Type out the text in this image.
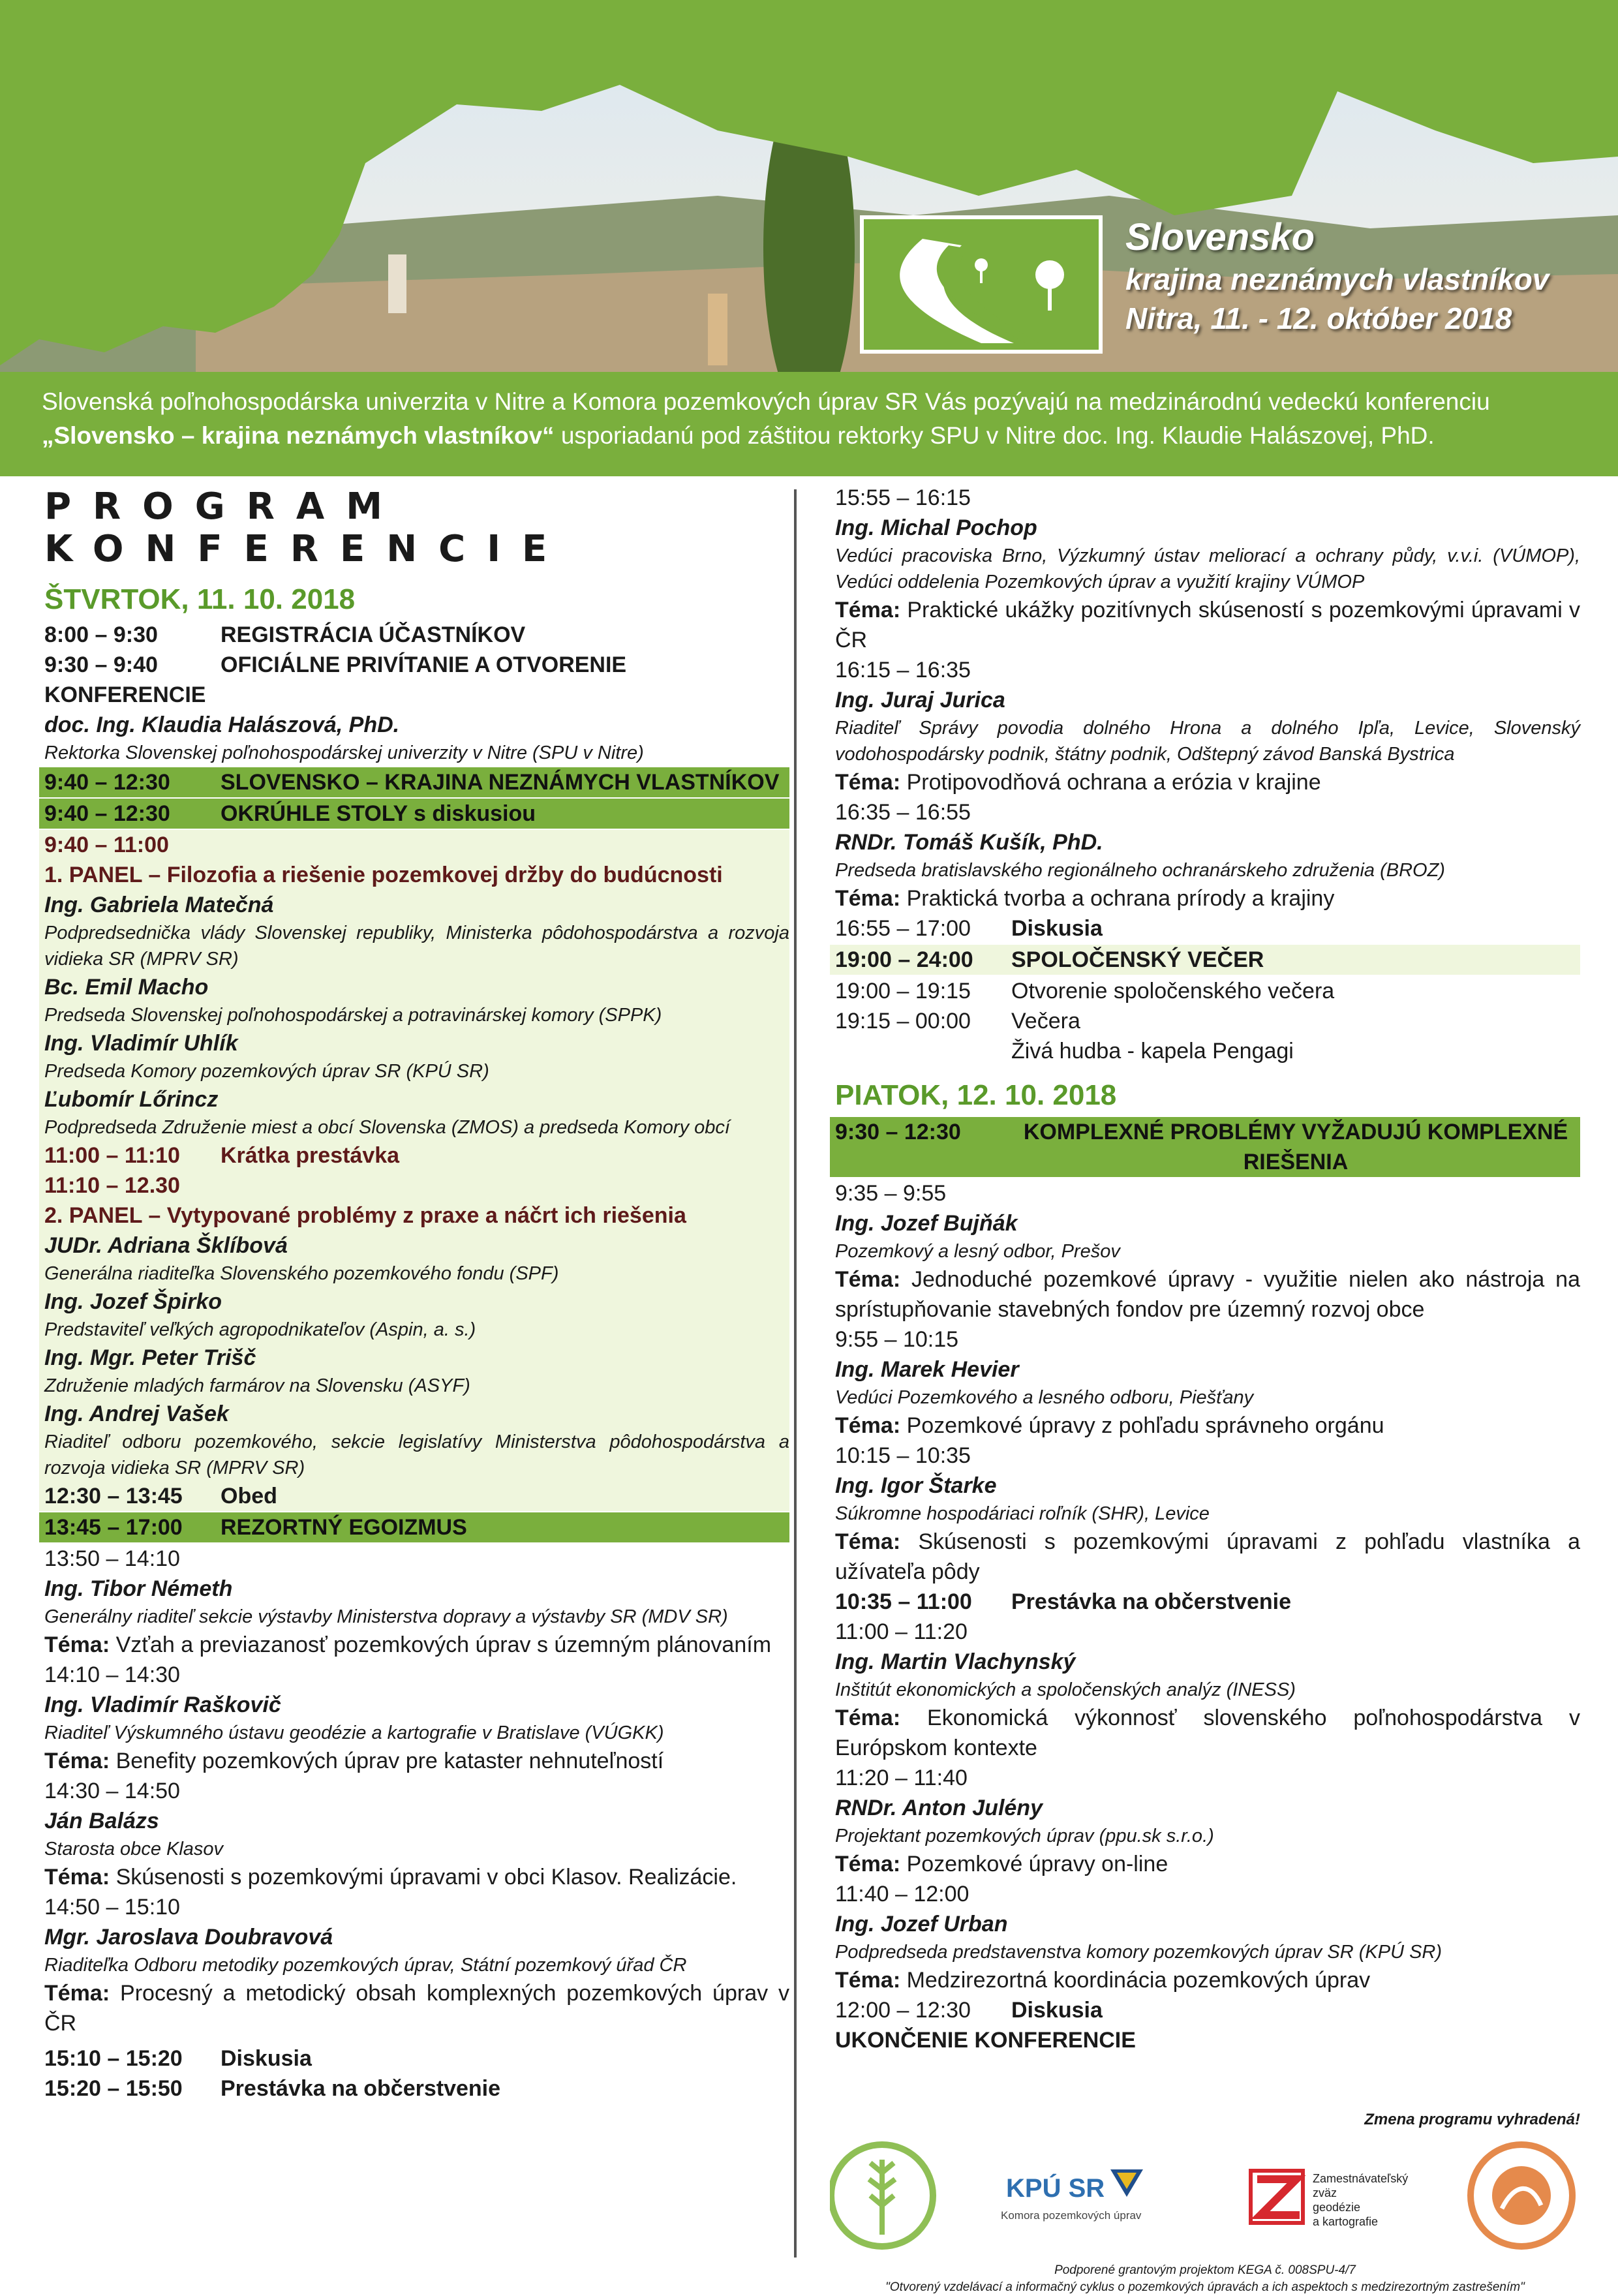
Slovensko
krajina neznámych vlastníkov
Nitra, 11. - 12. október 2018
Slovenská poľnohospodárska univerzita v Nitre a Komora pozemkových úprav SR Vás pozývajú na medzinárodnú vedeckú konferenciu
„Slovensko – krajina neznámych vlastníkov“ usporiadanú pod záštitou rektorky SPU v Nitre doc. Ing. Klaudie Halászovej, PhD.
PROGRAM KONFERENCIE
ŠTVRTOK, 11. 10. 2018
8:00 – 9:30	REGISTRÁCIA ÚČASTNÍKOV
9:30 – 9:40	OFICIÁLNE PRIVÍTANIE A OTVORENIE KONFERENCIE
doc. Ing. Klaudia Halászová, PhD.
Rektorka Slovenskej poľnohospodárskej univerzity v Nitre (SPU v Nitre)
9:40 – 12:30 SLOVENSKO – KRAJINA NEZNÁMYCH VLASTNÍKOV
9:40 – 12:30 OKRÚHLE STOLY s diskusiou
9:40 – 11:00
1. PANEL – Filozofia a riešenie pozemkovej držby do budúcnosti
Ing. Gabriela Matečná
Podpredsednička vlády Slovenskej republiky, Ministerka pôdohospodárstva a rozvoja vidieka SR (MPRV SR)
Bc. Emil Macho
Predseda Slovenskej poľnohospodárskej a potravinárskej komory (SPPK)
Ing. Vladimír Uhlík
Predseda Komory pozemkových úprav SR (KPÚ SR)
Ľubomír Lőrincz
Podpredseda Združenie miest a obcí Slovenska (ZMOS) a predseda Komory obcí
11:00 – 11:10 Krátka prestávka
11:10 – 12.30
2. PANEL – Vytypované problémy z praxe a náčrt ich riešenia
JUDr. Adriana Šklíbová
Generálna riaditeľka Slovenského pozemkového fondu (SPF)
Ing. Jozef Špirko
Predstaviteľ veľkých agropodnikateľov (Aspin, a. s.)
Ing. Mgr. Peter Trišč
Združenie mladých farmárov na Slovensku (ASYF)
Ing. Andrej Vašek
Riaditeľ odboru pozemkového, sekcie legislatívy Ministerstva pôdohospodárstva a rozvoja vidieka SR (MPRV SR)
12:30 – 13:45 Obed
13:45 – 17:00 REZORTNÝ EGOIZMUS
13:50 – 14:10
Ing. Tibor Németh
Generálny riaditeľ sekcie výstavby Ministerstva dopravy a výstavby SR (MDV SR)
Téma: Vzťah a previazanosť pozemkových úprav s územným plánovaním
14:10 – 14:30
Ing. Vladimír Raškovič
Riaditeľ Výskumného ústavu geodézie a kartografie v Bratislave (VÚGKK)
Téma: Benefity pozemkových úprav pre kataster nehnuteľností
14:30 – 14:50
Ján Balázs
Starosta obce Klasov
Téma: Skúsenosti s pozemkovými úpravami v obci Klasov. Realizácie.
14:50 – 15:10
Mgr. Jaroslava Doubravová
Riaditeľka Odboru metodiky pozemkových úprav, Státní pozemkový úřad ČR
Téma: Procesný a metodický obsah komplexných pozemkových úprav v ČR
15:10 – 15:20 Diskusia
15:20 – 15:50 Prestávka na občerstvenie
15:55 – 16:15
Ing. Michal Pochop
Vedúci pracoviska Brno, Výzkumný ústav meliorací a ochrany půdy, v.v.i. (VÚMOP), Vedúci oddelenia Pozemkových úprav a využití krajiny VÚMOP
Téma: Praktické ukážky pozitívnych skúseností s pozemkovými úpravami v ČR
16:15 – 16:35
Ing. Juraj Jurica
Riaditeľ Správy povodia dolného Hrona a dolného Ipľa, Levice, Slovenský vodohospodársky podnik, štátny podnik, Odštepný závod Banská Bystrica
Téma: Protipovodňová ochrana a erózia v krajine
16:35 – 16:55
RNDr. Tomáš Kušík, PhD.
Predseda bratislavského regionálneho ochranárskeho združenia (BROZ)
Téma: Praktická tvorba a ochrana prírody a krajiny
16:55 – 17:00 Diskusia
19:00 – 24:00 SPOLOČENSKÝ VEČER
19:00 – 19:15 Otvorenie spoločenského večera
19:15 – 00:00 Večera
Živá hudba - kapela Pengagi
PIATOK, 12. 10. 2018
9:30 – 12:30	KOMPLEXNÉ PROBLÉMY VYŽADUJÚ KOMPLEXNÉ RIEŠENIA
9:35 – 9:55
Ing. Jozef Bujňák
Pozemkový a lesný odbor, Prešov
Téma: Jednoduché pozemkové úpravy - využitie nielen ako nástroja na sprístupňovanie stavebných fondov pre územný rozvoj obce
9:55 – 10:15
Ing. Marek Hevier
Vedúci Pozemkového a lesného odboru, Piešťany
Téma: Pozemkové úpravy z pohľadu správneho orgánu
10:15 – 10:35
Ing. Igor Štarke
Súkromne hospodáriaci roľník (SHR), Levice
Téma: Skúsenosti s pozemkovými úpravami z pohľadu vlastníka a užívateľa pôdy
10:35 – 11:00 Prestávka na občerstvenie
11:00 – 11:20
Ing. Martin Vlachynský
Inštitút ekonomických a spoločenských analýz (INESS)
Téma: Ekonomická výkonnosť slovenského poľnohospodárstva v Európskom kontexte
11:20 – 11:40
RNDr. Anton Julény
Projektant pozemkových úprav (ppu.sk s.r.o.)
Téma: Pozemkové úpravy on-line
11:40 – 12:00
Ing. Jozef Urban
Podpredseda predstavenstva komory pozemkových úprav SR (KPÚ SR)
Téma: Medzirezortná koordinácia pozemkových úprav
12:00 – 12:30 Diskusia
UKONČENIE KONFERENCIE
Zmena programu vyhradená!
KPÚ SR
Komora pozemkových úprav
Zamestnávateľský
zväz
geodézie
a kartografie
Podporené grantovým projektom KEGA č. 008SPU-4/7
"Otvorený vzdelávací a informačný cyklus o pozemkových úpravách a ich aspektoch s medzirezortným zastrešením"
